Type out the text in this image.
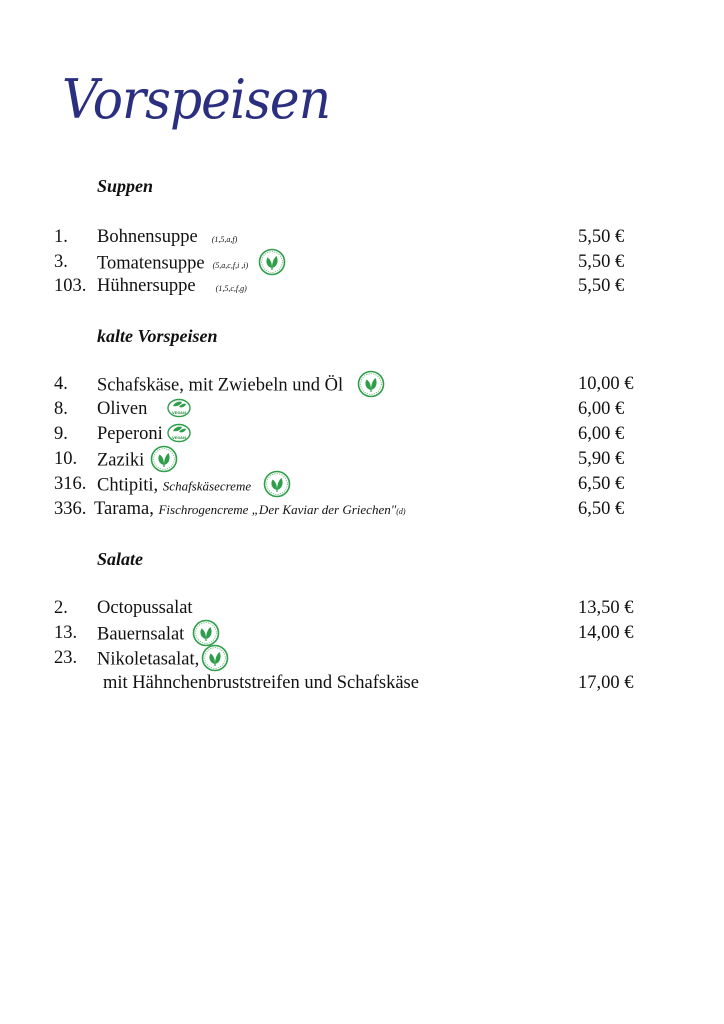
Vorspeisen
Suppen
1. Bohnensuppe (1,5,a,f)	5,50 €
3. Tomatensuppe (5,a,c,f,i ,i)	5,50 €
103. Hühnersuppe	(1,5,c,f,g)	5,50 €
kalte Vorspeisen
4. Schafskäse, mit Zwiebeln und Öl	10,00 €
8. Oliven	VEGAN	6,00 €
9. Peperoni	VEGAN	6,00 €
10. Zaziki	5,90 €
316. Chtipiti, Schafskäsecreme	6,50 €
336. Tarama, Fischrogencreme „Der Kaviar der Griechen"(d)	6,50 €
Salate
2. Octopussalat	13,50 €
13. Bauernsalat	14,00 €
23. Nikoletasalat,
mit Hähnchenbruststreifen und Schafskäse	17,00 €
